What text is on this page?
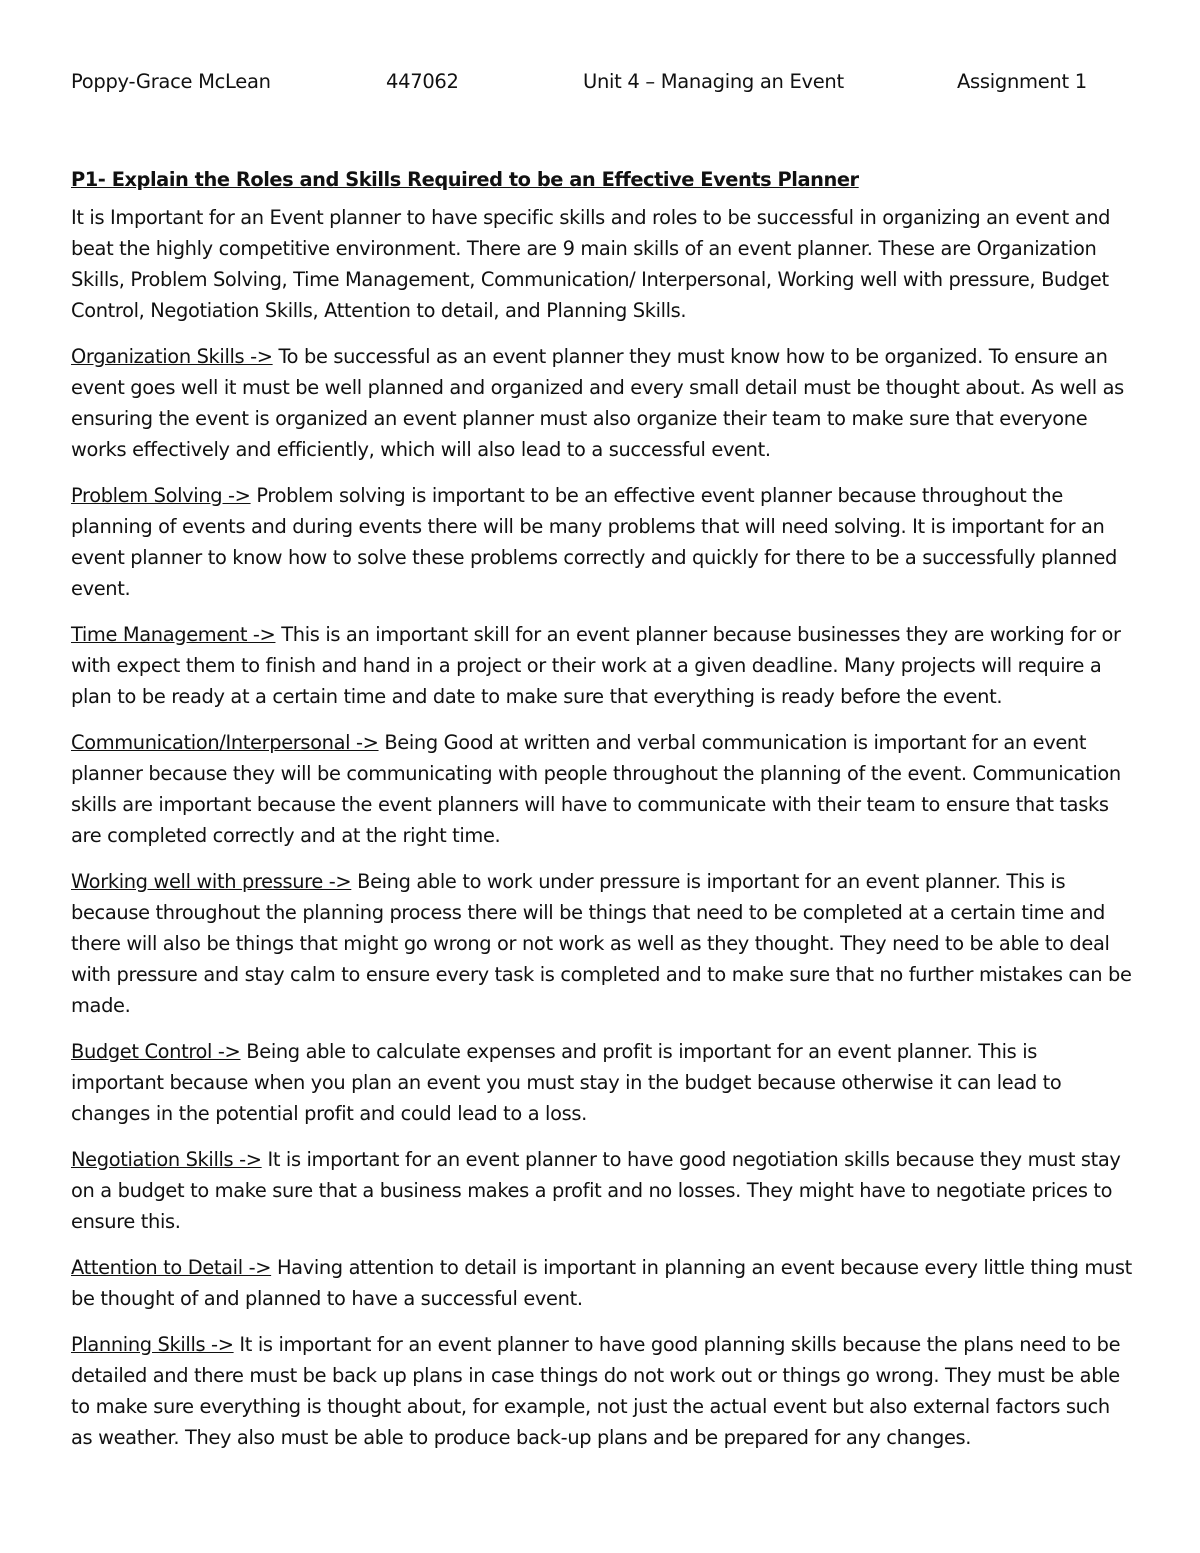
Poppy-Grace McLean	447062	Unit 4 – Managing an Event	Assignment 1
P1- Explain the Roles and Skills Required to be an Effective Events Planner
It is Important for an Event planner to have specific skills and roles to be successful in organizing an event and beat the highly competitive environment. There are 9 main skills of an event planner. These are Organization Skills, Problem Solving, Time Management, Communication/ Interpersonal, Working well with pressure, Budget Control, Negotiation Skills, Attention to detail, and Planning Skills.
Organization Skills -> To be successful as an event planner they must know how to be organized. To ensure an event goes well it must be well planned and organized and every small detail must be thought about. As well as ensuring the event is organized an event planner must also organize their team to make sure that everyone works effectively and efficiently, which will also lead to a successful event.
Problem Solving -> Problem solving is important to be an effective event planner because throughout the planning of events and during events there will be many problems that will need solving. It is important for an event planner to know how to solve these problems correctly and quickly for there to be a successfully planned event.
Time Management -> This is an important skill for an event planner because businesses they are working for or with expect them to finish and hand in a project or their work at a given deadline. Many projects will require a plan to be ready at a certain time and date to make sure that everything is ready before the event.
Communication/Interpersonal -> Being Good at written and verbal communication is important for an event planner because they will be communicating with people throughout the planning of the event. Communication skills are important because the event planners will have to communicate with their team to ensure that tasks are completed correctly and at the right time.
Working well with pressure -> Being able to work under pressure is important for an event planner. This is because throughout the planning process there will be things that need to be completed at a certain time and there will also be things that might go wrong or not work as well as they thought. They need to be able to deal with pressure and stay calm to ensure every task is completed and to make sure that no further mistakes can be made.
Budget Control -> Being able to calculate expenses and profit is important for an event planner. This is important because when you plan an event you must stay in the budget because otherwise it can lead to changes in the potential profit and could lead to a loss.
Negotiation Skills -> It is important for an event planner to have good negotiation skills because they must stay on a budget to make sure that a business makes a profit and no losses. They might have to negotiate prices to ensure this.
Attention to Detail -> Having attention to detail is important in planning an event because every little thing must be thought of and planned to have a successful event.
Planning Skills -> It is important for an event planner to have good planning skills because the plans need to be detailed and there must be back up plans in case things do not work out or things go wrong. They must be able to make sure everything is thought about, for example, not just the actual event but also external factors such as weather. They also must be able to produce back-up plans and be prepared for any changes.
